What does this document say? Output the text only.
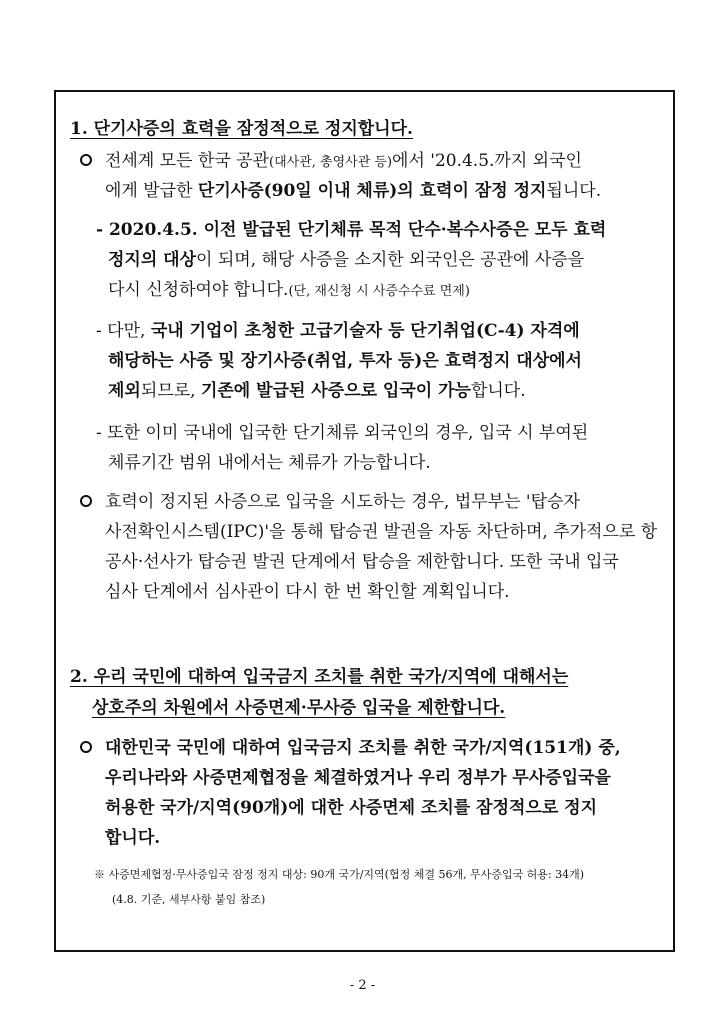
1. 단기사증의 효력을 잠정적으로 정지합니다.
전세계 모든 한국 공관(대사관, 총영사관 등)에서 '20.4.5.까지 외국인
에게 발급한 단기사증(90일 이내 체류)의 효력이 잠정 정지됩니다.
- 2020.4.5. 이전 발급된 단기체류 목적 단수·복수사증은 모두 효력
정지의 대상이 되며, 해당 사증을 소지한 외국인은 공관에 사증을
다시 신청하여야 합니다.(단, 재신청 시 사증수수료 면제)
- 다만, 국내 기업이 초청한 고급기술자 등 단기취업(C-4) 자격에
해당하는 사증 및 장기사증(취업, 투자 등)은 효력정지 대상에서
제외되므로, 기존에 발급된 사증으로 입국이 가능합니다.
- 또한 이미 국내에 입국한 단기체류 외국인의 경우, 입국 시 부여된
체류기간 범위 내에서는 체류가 가능합니다.
효력이 정지된 사증으로 입국을 시도하는 경우, 법무부는 '탑승자
사전확인시스템(IPC)'을 통해 탑승권 발권을 자동 차단하며, 추가적으로 항
공사·선사가 탑승권 발권 단계에서 탑승을 제한합니다. 또한 국내 입국
심사 단계에서 심사관이 다시 한 번 확인할 계획입니다.
2. 우리 국민에 대하여 입국금지 조치를 취한 국가/지역에 대해서는
상호주의 차원에서 사증면제·무사증 입국을 제한합니다.
대한민국 국민에 대하여 입국금지 조치를 취한 국가/지역(151개) 중,
우리나라와 사증면제협정을 체결하였거나 우리 정부가 무사증입국을
허용한 국가/지역(90개)에 대한 사증면제 조치를 잠정적으로 정지
합니다.
※ 사증면제협정·무사증입국 잠정 정지 대상: 90개 국가/지역(협정 체결 56개, 무사증입국 허용: 34개)
(4.8. 기준, 세부사항 붙임 참조)
- 2 -
